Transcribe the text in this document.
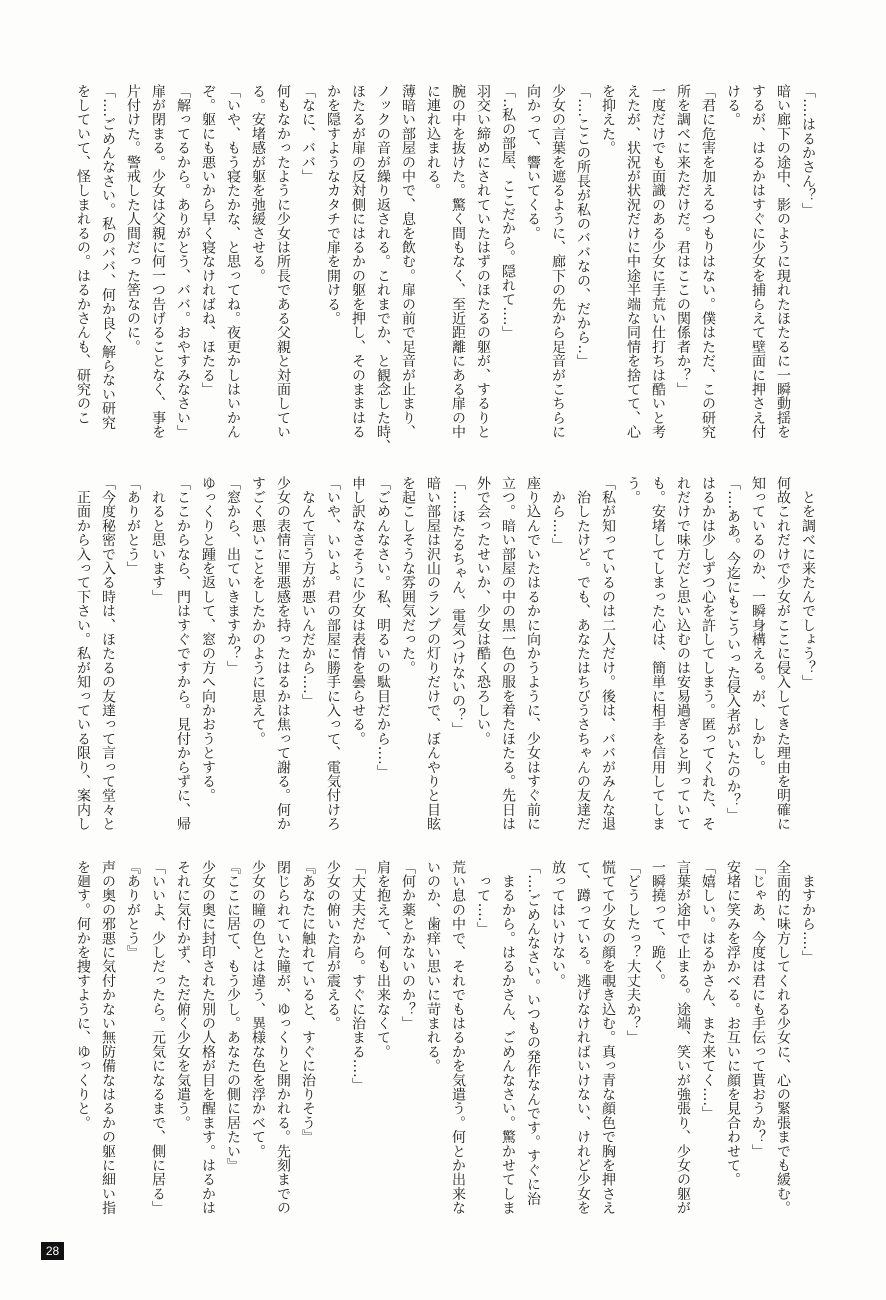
「‥‥はるかさん？」
暗い廊下の途中、影のように現れたほたるに一瞬動揺を
するが、はるかはすぐに少女を捕らえて壁面に押さえ付
ける。
「君に危害を加えるつもりはない。僕はただ、この研究
所を調べに来ただけだ。君はここの関係者か？」
一度だけでも面識のある少女に手荒い仕打ちは酷いと考
えたが、状況が状況だけに中途半端な同情を捨てて、心
を抑えた。
「‥‥ここの所長が私のババなの、だから‥」
少女の言葉を遮るように、廊下の先から足音がこちらに
向かって、響いてくる。
「‥私の部屋、ここだから。隠れて‥‥」
羽交い締めにされていたはずのほたるの躯が、するりと
腕の中を抜けた。驚く間もなく、至近距離にある扉の中
に連れ込まれる。
薄暗い部屋の中で、息を飲む。扉の前で足音が止まり、
ノックの音が繰り返される。これまでか、と観念した時、
ほたるが扉の反対側にはるかの躯を押し、そのままはる
かを隠すようなカタチで扉を開ける。
「なに、ババ」
何もなかったように少女は所長である父親と対面してい
る。安堵感が躯を弛緩させる。
「いや、もう寝たかな、と思ってね。夜更かしはいかん
ぞ。躯にも悪いから早く寝なければね、ほたる」
「解ってるから。ありがとう、ババ。おやすみなさい」
扉が閉まる。少女は父親に何一つ告げることなく、事を
片付けた。警戒した人間だった筈なのに。
「‥‥ごめんなさい。私のババ、何か良く解らない研究
をしていて、怪しまれるの。はるかさんも、研究のこ
　とを調べに来たんでしょう？」
何故これだけで少女がここに侵入してきた理由を明確に
知っているのか、一瞬身構える。が、しかし。
「‥‥ああ。今迄にもこういった侵入者がいたのか？」
はるかは少しずつ心を許してしまう。匿ってくれた、そ
れだけで味方だと思い込むのは安易過ぎると判っていて
も。安堵してしまった心は、簡単に相手を信用してしま
う。
「私が知っているのは二人だけ。後は、ババがみんな退
　治したけど。でも、あなたはちびうさちゃんの友達だ
　から‥‥」
座り込んでいたはるかに向かうように、少女はすぐ前に
立つ。暗い部屋の中の黒一色の服を着たほたる。先日は
外で会ったせいか、少女は酷く恐ろしい。
「‥‥ほたるちゃん、電気つけないの？」
暗い部屋は沢山のランプの灯りだけで、ぼんやりと目眩
を起こしそうな雰囲気だった。
「ごめんなさい。私、明るいの駄目だから‥‥」
申し訳なさそうに少女は表情を曇らせる。
「いや、いいよ。君の部屋に勝手に入って、電気付けろ
　なんて言う方が悪いんだから‥‥」
少女の表情に罪悪感を持ったはるかは焦って謝る。何か
すごく悪いことをしたかのように思えて。
「窓から、出ていきますか？」
ゆっくりと踵を返して、窓の方へ向かおうとする。
「ここからなら、門はすぐですから。見付からずに、帰
　れると思います」
「ありがとう」
「今度秘密で入る時は、ほたるの友達って言って堂々と
　正面から入って下さい。私が知っている限り、案内し
　ますから‥‥」
全面的に味方してくれる少女に、心の緊張までも緩む。
「じゃあ、今度は君にも手伝って貰おうか？」
安堵に笑みを浮かべる。お互いに顔を見合わせて。
「嬉しい。はるかさん、また来てく‥‥」
言葉が途中で止まる。途端、笑いが強張り、少女の躯が
一瞬撓って、跪く。
「どうしたっ？大丈夫か？」
慌てて少女の顔を覗き込む。真っ青な顔色で胸を押さえ
て、蹲っている。逃げなければいけない、けれど少女を
放ってはいけない。
「‥‥ごめんなさい。いつもの発作なんです。すぐに治
　まるから。はるかさん、ごめんなさい。驚かせてしま
　って‥‥」
荒い息の中で、それでもはるかを気遣う。何とか出来な
いのか、歯痒い思いに苛まれる。
「何か薬とかないのか？」
肩を抱えて、何も出来なくて。
「大丈夫だから。すぐに治まる‥‥」
少女の俯いた肩が震える。
『あなたに触れていると、すぐに治りそう』
閉じられていた瞳が、ゆっくりと開かれる。先刻までの
少女の瞳の色とは違う、異様な色を浮かべて。
『ここに居て、もう少し。あなたの側に居たい』
少女の奥に封印された別の人格が目を醒ます。はるかは
それに気付かず、ただ俯く少女を気遣う。
「いいよ、少しだったら。元気になるまで、側に居る」
『ありがとう』
声の奥の邪悪に気付かない無防備なはるかの躯に細い指
を廻す。何かを捜すように、ゆっくりと。
28
